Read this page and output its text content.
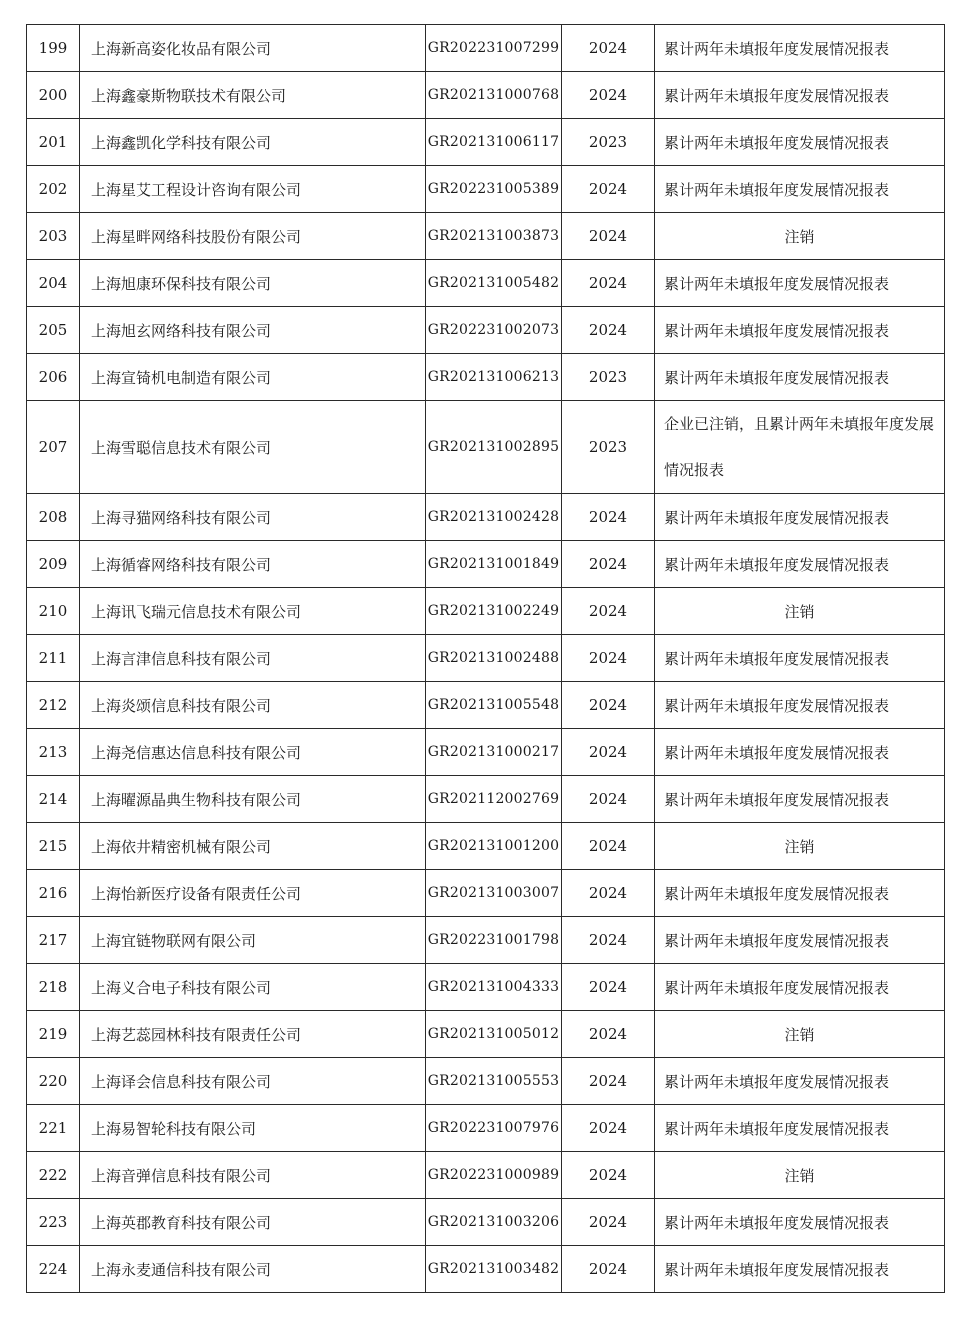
199	上海新高姿化妆品有限公司	GR202231007299	2024	累计两年未填报年度发展情况报表
200	上海鑫豪斯物联技术有限公司	GR202131000768	2024	累计两年未填报年度发展情况报表
201	上海鑫凯化学科技有限公司	GR202131006117	2023	累计两年未填报年度发展情况报表
202	上海星艾工程设计咨询有限公司	GR202231005389	2024	累计两年未填报年度发展情况报表
203	上海星畔网络科技股份有限公司	GR202131003873	2024	注销
204	上海旭康环保科技有限公司	GR202131005482	2024	累计两年未填报年度发展情况报表
205	上海旭玄网络科技有限公司	GR202231002073	2024	累计两年未填报年度发展情况报表
206	上海宣锜机电制造有限公司	GR202131006213	2023	累计两年未填报年度发展情况报表
207	上海雪聪信息技术有限公司	GR202131002895	2023	企业已注销，且累计两年未填报年度发展情况报表
208	上海寻猫网络科技有限公司	GR202131002428	2024	累计两年未填报年度发展情况报表
209	上海循睿网络科技有限公司	GR202131001849	2024	累计两年未填报年度发展情况报表
210	上海讯飞瑞元信息技术有限公司	GR202131002249	2024	注销
211	上海言津信息科技有限公司	GR202131002488	2024	累计两年未填报年度发展情况报表
212	上海炎颂信息科技有限公司	GR202131005548	2024	累计两年未填报年度发展情况报表
213	上海尧信惠达信息科技有限公司	GR202131000217	2024	累计两年未填报年度发展情况报表
214	上海曜源晶典生物科技有限公司	GR202112002769	2024	累计两年未填报年度发展情况报表
215	上海依井精密机械有限公司	GR202131001200	2024	注销
216	上海怡新医疗设备有限责任公司	GR202131003007	2024	累计两年未填报年度发展情况报表
217	上海宜链物联网有限公司	GR202231001798	2024	累计两年未填报年度发展情况报表
218	上海义合电子科技有限公司	GR202131004333	2024	累计两年未填报年度发展情况报表
219	上海艺蕊园林科技有限责任公司	GR202131005012	2024	注销
220	上海译会信息科技有限公司	GR202131005553	2024	累计两年未填报年度发展情况报表
221	上海易智轮科技有限公司	GR202231007976	2024	累计两年未填报年度发展情况报表
222	上海音弹信息科技有限公司	GR202231000989	2024	注销
223	上海英郡教育科技有限公司	GR202131003206	2024	累计两年未填报年度发展情况报表
224	上海永麦通信科技有限公司	GR202131003482	2024	累计两年未填报年度发展情况报表
